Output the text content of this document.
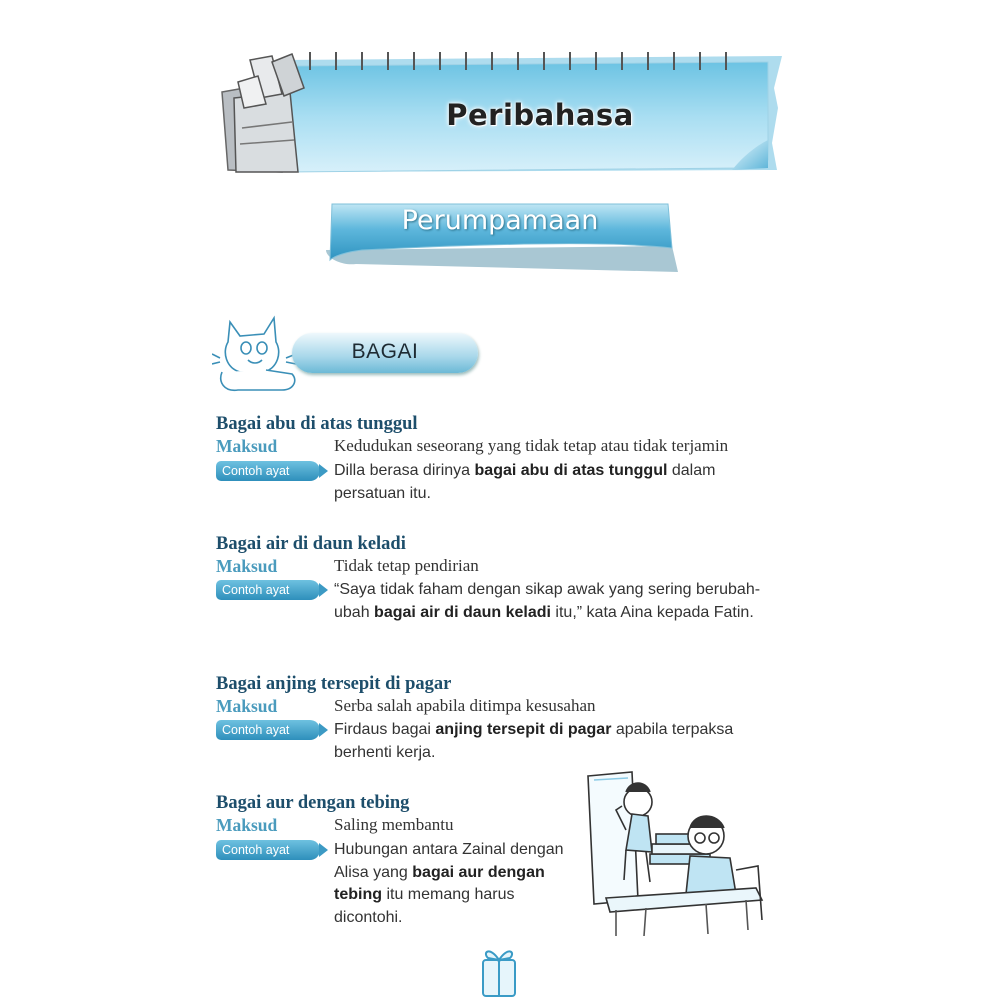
Peribahasa
Perumpamaan
BAGAI
Bagai abu di atas tunggul
Maksud	Kedudukan seseorang yang tidak tetap atau tidak terjamin
Contoh ayat	Dilla berasa dirinya bagai abu di atas tunggul dalam persatuan itu.
Bagai air di daun keladi
Maksud	Tidak tetap pendirian
Contoh ayat	“Saya tidak faham dengan sikap awak yang sering berubah-ubah bagai air di daun keladi itu,” kata Aina kepada Fatin.
Bagai anjing tersepit di pagar
Maksud	Serba salah apabila ditimpa kesusahan
Contoh ayat	Firdaus bagai anjing tersepit di pagar apabila terpaksa berhenti kerja.
Bagai aur dengan tebing
Maksud	Saling membantu
Contoh ayat	Hubungan antara Zainal dengan Alisa yang bagai aur dengan tebing itu memang harus dicontohi.
